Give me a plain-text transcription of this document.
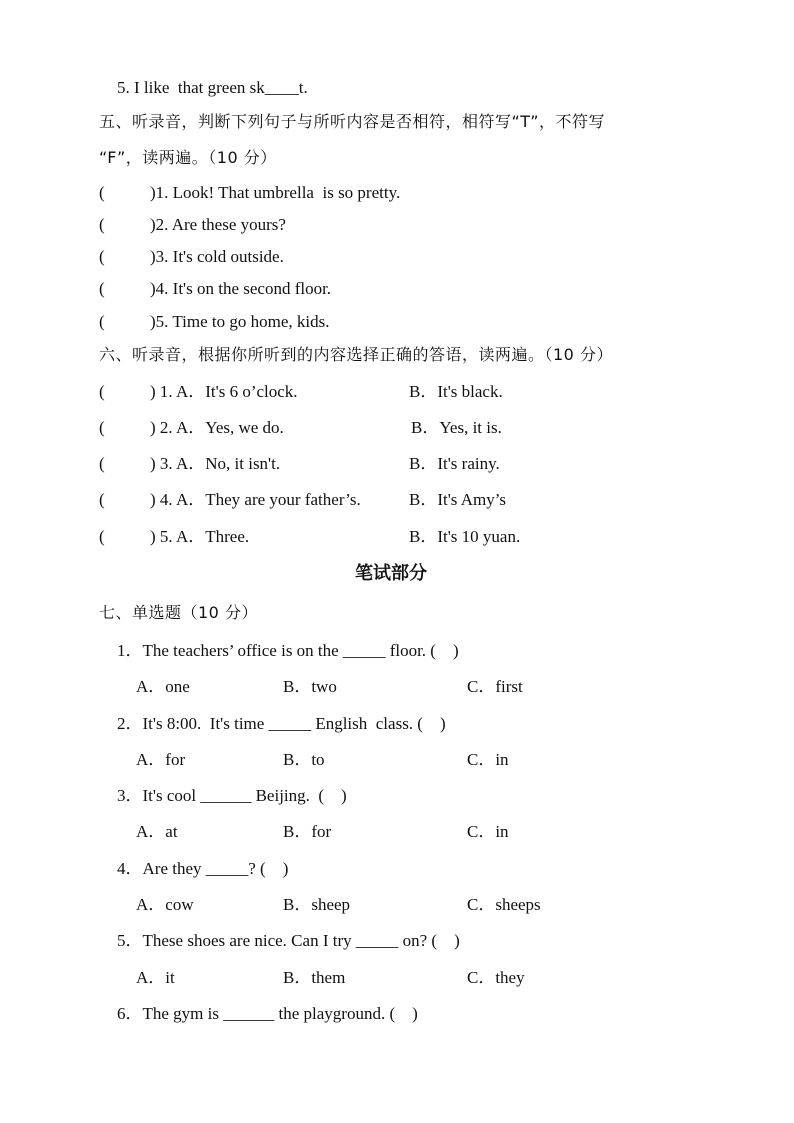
5. I like  that green sk____t.
五、听录音，判断下列句子与所听内容是否相符，相符写“T”，不符写
“F”，读两遍。（10 分）
(	)1. Look! That umbrella  is so pretty.
(	)2. Are these yours?
(	)3. It's cold outside.
(	)4. It's on the second floor.
(	)5. Time to go home, kids.
六、听录音，根据你所听到的内容选择正确的答语，读两遍。（10 分）
(	) 1. A．It's 6 o’clock.	B．It's black.
(	) 2. A．Yes, we do.	B．Yes, it is.
(	) 3. A．No, it isn't.	B．It's rainy.
(	) 4. A．They are your father’s.	B．It's Amy’s
(	) 5. A．Three.	B．It's 10 yuan.
笔试部分
七、单选题（10 分）
1．The teachers’ office is on the _____ floor. (    )
A．one	B．two	C．first
2．It's 8:00.  It's time _____ English  class. (    )
A．for	B．to	C．in
3．It's cool ______ Beijing.  (    )
A．at	B．for	C．in
4．Are they _____? (    )
A．cow	B．sheep	C．sheeps
5．These shoes are nice. Can I try _____ on? (    )
A．it	B．them	C．they
6．The gym is ______ the playground. (    )
